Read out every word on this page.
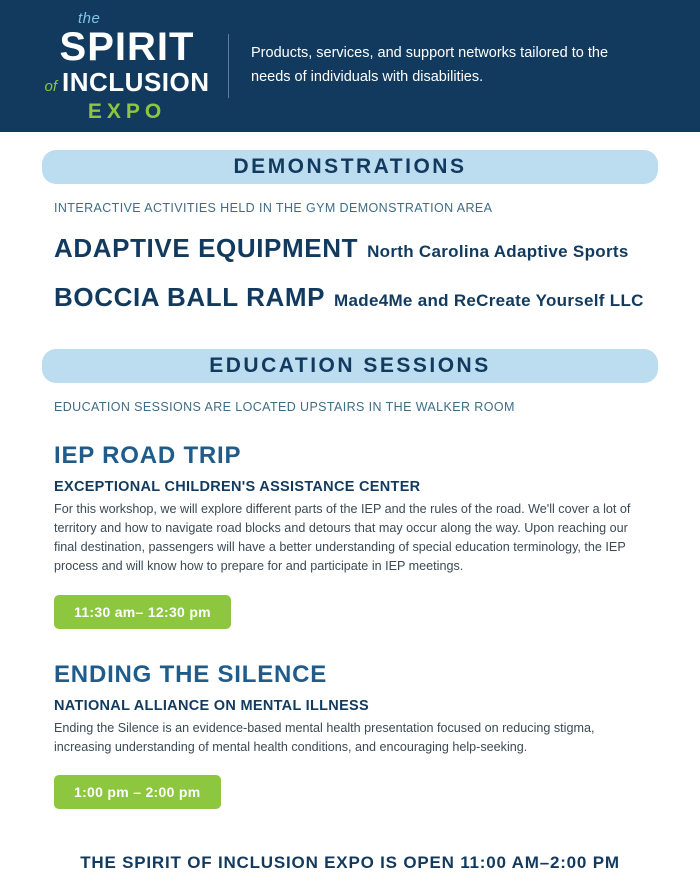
the
SPIRIT
of INCLUSION
EXPO
Products, services, and support networks tailored to the needs of individuals with disabilities.
DEMONSTRATIONS
INTERACTIVE ACTIVITIES HELD IN THE GYM DEMONSTRATION AREA
ADAPTIVE EQUIPMENT North Carolina Adaptive Sports
BOCCIA BALL RAMP Made4Me and ReCreate Yourself LLC
EDUCATION SESSIONS
EDUCATION SESSIONS ARE LOCATED UPSTAIRS IN THE WALKER ROOM
IEP ROAD TRIP
EXCEPTIONAL CHILDREN'S ASSISTANCE CENTER
For this workshop, we will explore different parts of the IEP and the rules of the road. We'll cover a lot of territory and how to navigate road blocks and detours that may occur along the way. Upon reaching our final destination, passengers will have a better understanding of special education terminology, the IEP process and will know how to prepare for and participate in IEP meetings.
11:30 am– 12:30 pm
ENDING THE SILENCE
NATIONAL ALLIANCE ON MENTAL ILLNESS
Ending the Silence is an evidence-based mental health presentation focused on reducing stigma, increasing understanding of mental health conditions, and encouraging help-seeking.
1:00 pm – 2:00 pm
THE SPIRIT OF INCLUSION EXPO IS OPEN 11:00 AM–2:00 PM
